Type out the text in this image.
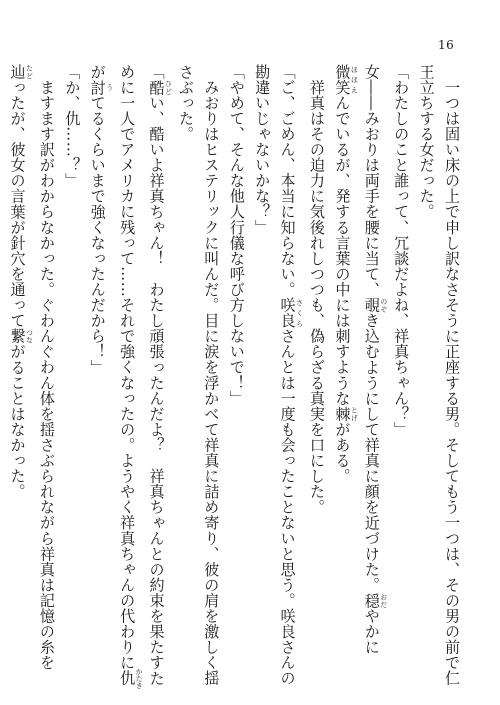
16
　一つは固い床の上で申し訳なさそうに正座する男。そしてもう一つは、その男の前で仁
王立ちする女だった。
「わたしのこと誰って、冗談だよね、祥真ちゃん？」
女――みおりは両手を腰に当て、覗 のぞき込むようにして祥真に顔を近づけた。穏 おだやかに
微笑 ほほえんでいるが、発する言葉の中には刺すような棘 とげがある。
　祥真はその迫力に気後れしつつも、偽らざる真実を口にした。
「ご、ごめん、本当に知らない。咲良 さくらさんとは一度も会ったことないと思う。咲良さんの
勘違いじゃないかな？」
「やめて、そんな他人行儀な呼び方しないで！」
　みおりはヒステリックに叫んだ。目に涙を浮かべて祥真に詰め寄り、彼の肩を激しく揺
さぶった。
「酷 ひどい、酷いよ祥真ちゃん！　わたし頑張ったんだよ？　祥真ちゃんとの約束を果たすた
めに一人でアメリカに残って……それで強くなったの。ようやく祥真ちゃんの代わりに仇 かたき
が討 うてるくらいまで強くなったんだから！」
「か、仇……？」
　ますます訳がわからなかった。ぐわんぐわん体を揺さぶられながら祥真は記憶の糸を
辿 たどったが、彼女の言葉が針穴を通って繋 つながることはなかった。
